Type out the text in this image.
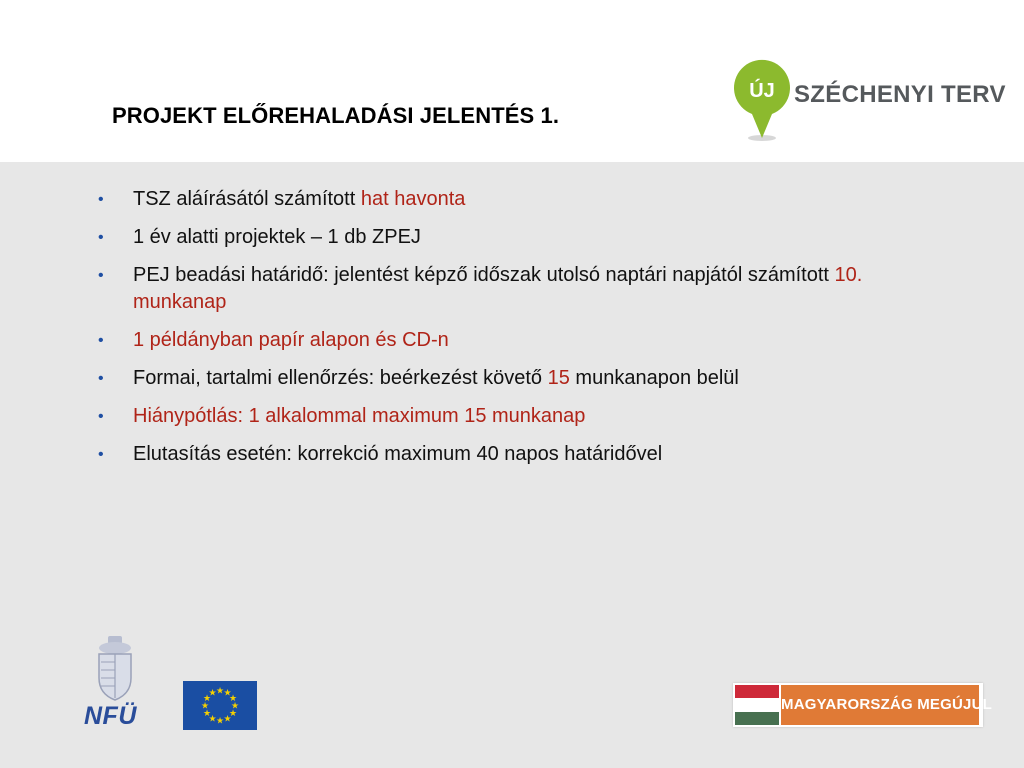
PROJEKT ELŐREHALADÁSI JELENTÉS 1.
ÚJ SZÉCHENYI TERV
• TSZ aláírásától számított hat havonta
• 1 év alatti projektek – 1 db ZPEJ
• PEJ beadási határidő: jelentést képző időszak utolsó naptári napjától számított 10. munkanap
• 1 példányban papír alapon és CD-n
• Formai, tartalmi ellenőrzés: beérkezést követő 15 munkanapon belül
• Hiánypótlás: 1 alkalommal maximum 15 munkanap
• Elutasítás esetén: korrekció maximum 40 napos határidővel
NFÜ	★
★
★
★
★
★
★
★
★ ★ ★
★	MAGYARORSZÁG MEGÚJUL
